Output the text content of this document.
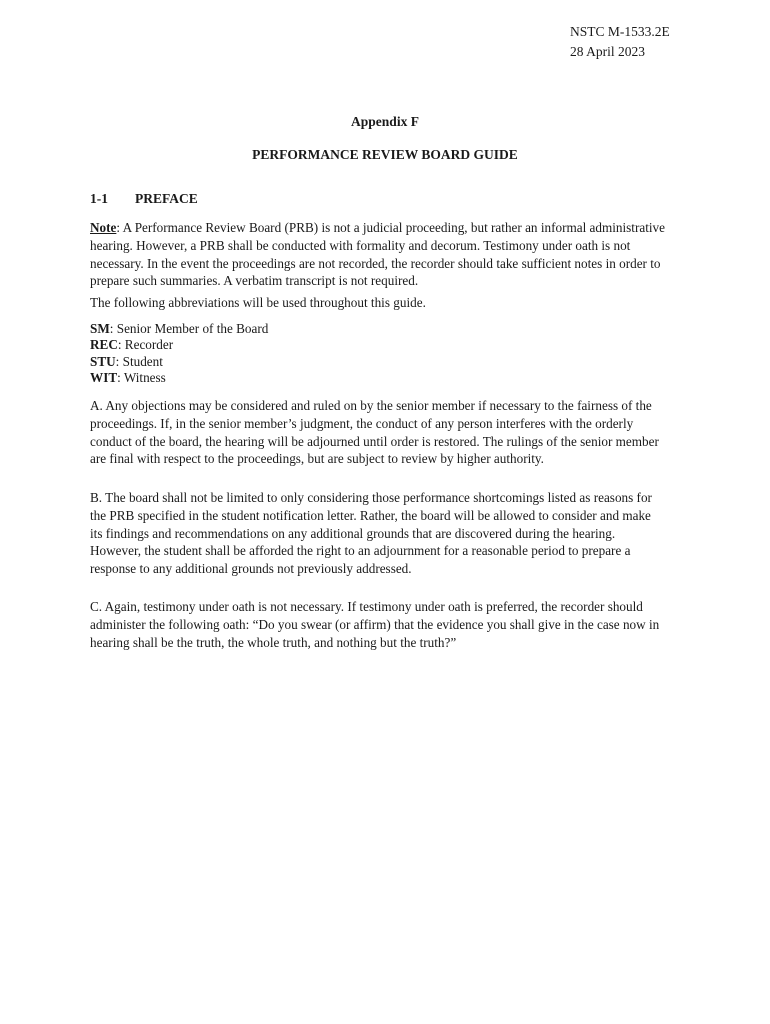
NSTC M-1533.2E
28 April 2023
Appendix F
PERFORMANCE REVIEW BOARD GUIDE
1-1 PREFACE

Note: A Performance Review Board (PRB) is not a judicial proceeding, but rather an informal administrative hearing. However, a PRB shall be conducted with formality and decorum. Testimony under oath is not necessary. In the event the proceedings are not recorded, the recorder should take sufficient notes in order to prepare such summaries. A verbatim transcript is not required.

The following abbreviations will be used throughout this guide.

SM: Senior Member of the Board
REC: Recorder
STU: Student
WIT: Witness

A. Any objections may be considered and ruled on by the senior member if necessary to the fairness of the proceedings. If, in the senior member’s judgment, the conduct of any person interferes with the orderly conduct of the board, the hearing will be adjourned until order is restored. The rulings of the senior member are final with respect to the proceedings, but are subject to review by higher authority.

B. The board shall not be limited to only considering those performance shortcomings listed as reasons for the PRB specified in the student notification letter. Rather, the board will be allowed to consider and make its findings and recommendations on any additional grounds that are discovered during the hearing. However, the student shall be afforded the right to an adjournment for a reasonable period to prepare a response to any additional grounds not previously addressed.

C. Again, testimony under oath is not necessary. If testimony under oath is preferred, the recorder should administer the following oath: “Do you swear (or affirm) that the evidence you shall give in the case now in hearing shall be the truth, the whole truth, and nothing but the truth?”
